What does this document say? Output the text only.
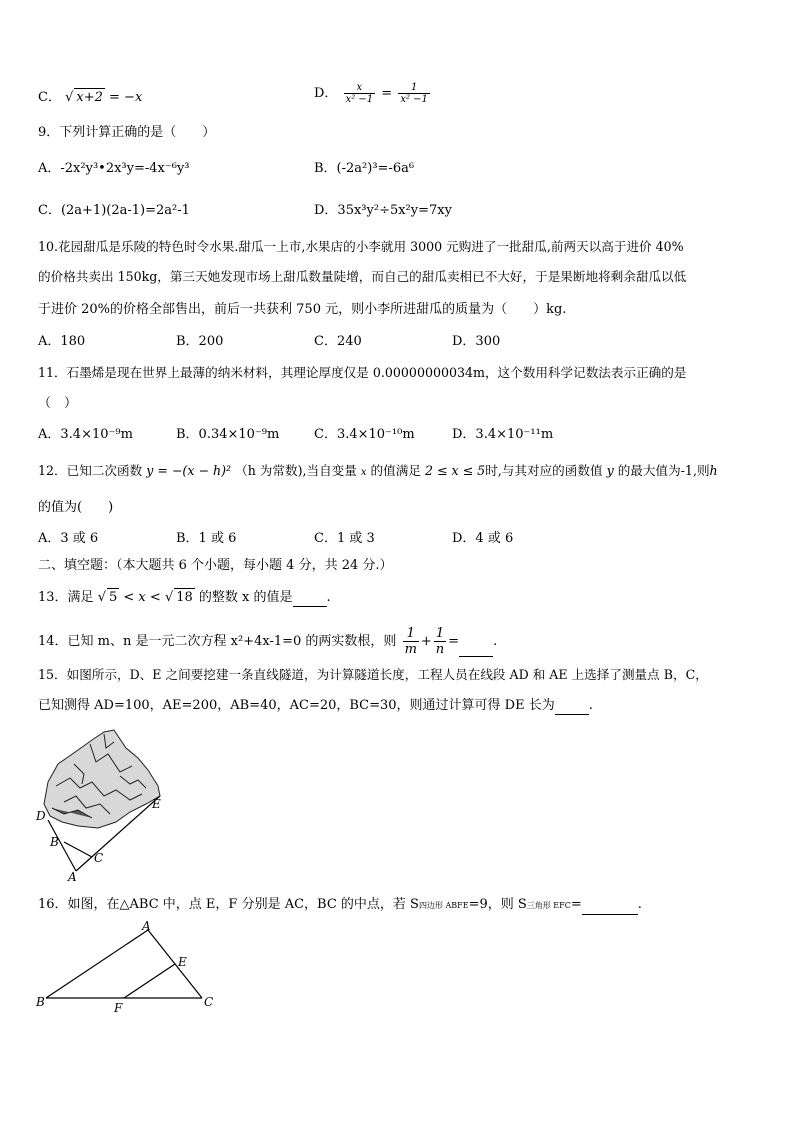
C． √ x+2 = −x	D． $\frac{x}{\text{x² −1}} = \frac{1}{\text{x² −1}}$
9．下列计算正确的是（　　）
A．-2x²y³•2x³y=-4x⁻⁶y³	B．(-2a²)³=-6a⁶
C．(2a+1)(2a-1)=2a²-1	D．35x³y²÷5x²y=7xy
10.花园甜瓜是乐陵的特色时令水果.甜瓜一上市,水果店的小李就用 3000 元购进了一批甜瓜,前两天以高于进价 40%
的价格共卖出 150kg，第三天她发现市场上甜瓜数量陡增，而自己的甜瓜卖相已不大好，于是果断地将剩余甜瓜以低
于进价 20%的价格全部售出，前后一共获利 750 元，则小李所进甜瓜的质量为（　　）kg.
A．180	B．200	C．240	D．300
11．石墨烯是现在世界上最薄的纳米材料，其理论厚度仅是 0.00000000034m，这个数用科学记数法表示正确的是
（　）
A．3.4×10⁻⁹m	B．0.34×10⁻⁹m	C．3.4×10⁻¹⁰m	D．3.4×10⁻¹¹m
12．已知二次函数 y = −(x − h)² （h 为常数),当自变量 x 的值满足 2 ≤ x ≤ 5时,与其对应的函数值 y 的最大值为-1,则h
的值为(　　)
A．3 或 6	B．1 或 6	C．1 或 3	D．4 或 6
二、填空题：（本大题共 6 个小题，每小题 4 分，共 24 分.）
13．满足 √ 5 < x < √ 18 的整数 x 的值是	.
14．已知 m、n 是一元二次方程 x²+4x-1=0 的两实数根，则 $\frac{1}{m} + \frac{1}{n}$ =	.
15．如图所示，D、E 之间要挖建一条直线隧道，为计算隧道长度，工程人员在线段 AD 和 AE 上选择了测量点 B，C，
已知测得 AD=100，AE=200，AB=40，AC=20，BC=30，则通过计算可得 DE 长为	.
D
E
B
C
A
16．如图，在△ABC 中，点 E，F 分别是 AC，BC 的中点，若 S四边形 ABFE=9，则 S三角形 EFC=	.
A
E
B	F	C
